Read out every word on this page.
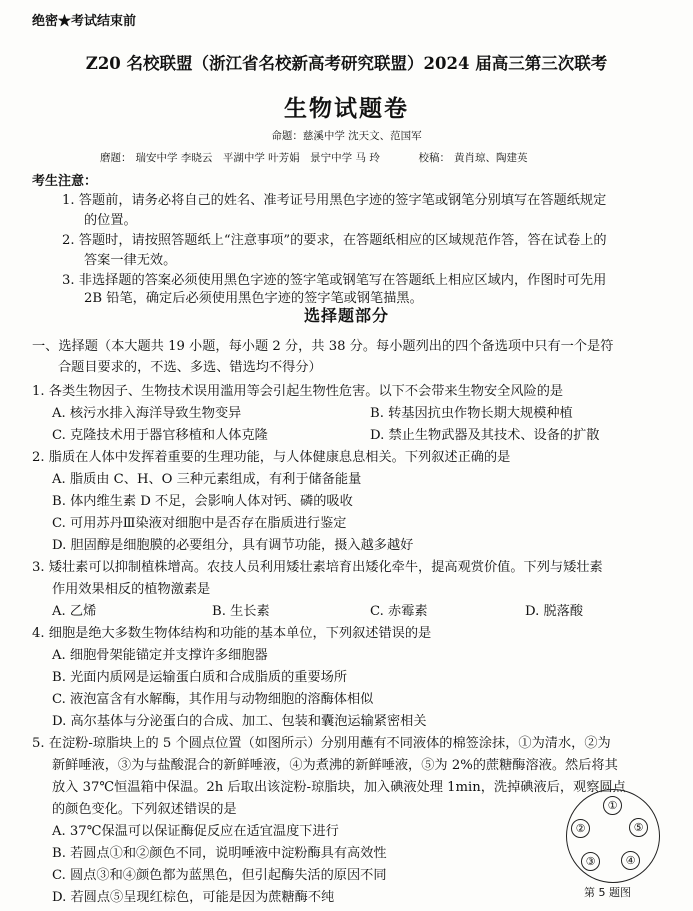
绝密★考试结束前
Z20 名校联盟（浙江省名校新高考研究联盟）2024 届高三第三次联考
生物试题卷
命题：慈溪中学 沈天文、范国军
磨题： 瑞安中学 李晓云　平湖中学 叶芳娟　景宁中学 马 玲	校稿： 黄肖琼、陶建英
考生注意：
1. 答题前，请务必将自己的姓名、准考证号用黑色字迹的签字笔或钢笔分别填写在答题纸规定
的位置。
2. 答题时，请按照答题纸上“注意事项”的要求，在答题纸相应的区域规范作答，答在试卷上的
答案一律无效。
3. 非选择题的答案必须使用黑色字迹的签字笔或钢笔写在答题纸上相应区域内，作图时可先用
2B 铅笔，确定后必须使用黑色字迹的签字笔或钢笔描黑。
选择题部分
一、选择题（本大题共 19 小题，每小题 2 分，共 38 分。每小题列出的四个备选项中只有一个是符
合题目要求的，不选、多选、错选均不得分）
1. 各类生物因子、生物技术误用滥用等会引起生物性危害。以下不会带来生物安全风险的是
A. 核污水排入海洋导致生物变异	B. 转基因抗虫作物长期大规模种植
C. 克隆技术用于器官移植和人体克隆	D. 禁止生物武器及其技术、设备的扩散
2. 脂质在人体中发挥着重要的生理功能，与人体健康息息相关。下列叙述正确的是
A. 脂质由 C、H、O 三种元素组成，有利于储备能量
B. 体内维生素 D 不足，会影响人体对钙、磷的吸收
C. 可用苏丹Ⅲ染液对细胞中是否存在脂质进行鉴定
D. 胆固醇是细胞膜的必要组分，具有调节功能，摄入越多越好
3. 矮壮素可以抑制植株增高。农技人员利用矮壮素培育出矮化牵牛，提高观赏价值。下列与矮壮素
作用效果相反的植物激素是
A. 乙烯	B. 生长素	C. 赤霉素	D. 脱落酸
4. 细胞是绝大多数生物体结构和功能的基本单位，下列叙述错误的是
A. 细胞骨架能锚定并支撑许多细胞器
B. 光面内质网是运输蛋白质和合成脂质的重要场所
C. 液泡富含有水解酶，其作用与动物细胞的溶酶体相似
D. 高尔基体与分泌蛋白的合成、加工、包装和囊泡运输紧密相关
5. 在淀粉-琼脂块上的 5 个圆点位置（如图所示）分别用蘸有不同液体的棉签涂抹，①为清水，②为
新鲜唾液，③为与盐酸混合的新鲜唾液，④为煮沸的新鲜唾液，⑤为 2%的蔗糖酶溶液。然后将其
放入 37℃恒温箱中保温。2h 后取出该淀粉-琼脂块，加入碘液处理 1min，洗掉碘液后，观察圆点
的颜色变化。下列叙述错误的是
A. 37℃保温可以保证酶促反应在适宜温度下进行
B. 若圆点①和②颜色不同，说明唾液中淀粉酶具有高效性
C. 圆点③和④颜色都为蓝黑色，但引起酶失活的原因不同
D. 若圆点⑤呈现红棕色，可能是因为蔗糖酶不纯
①
②
③	④
⑤
第 5 题图
